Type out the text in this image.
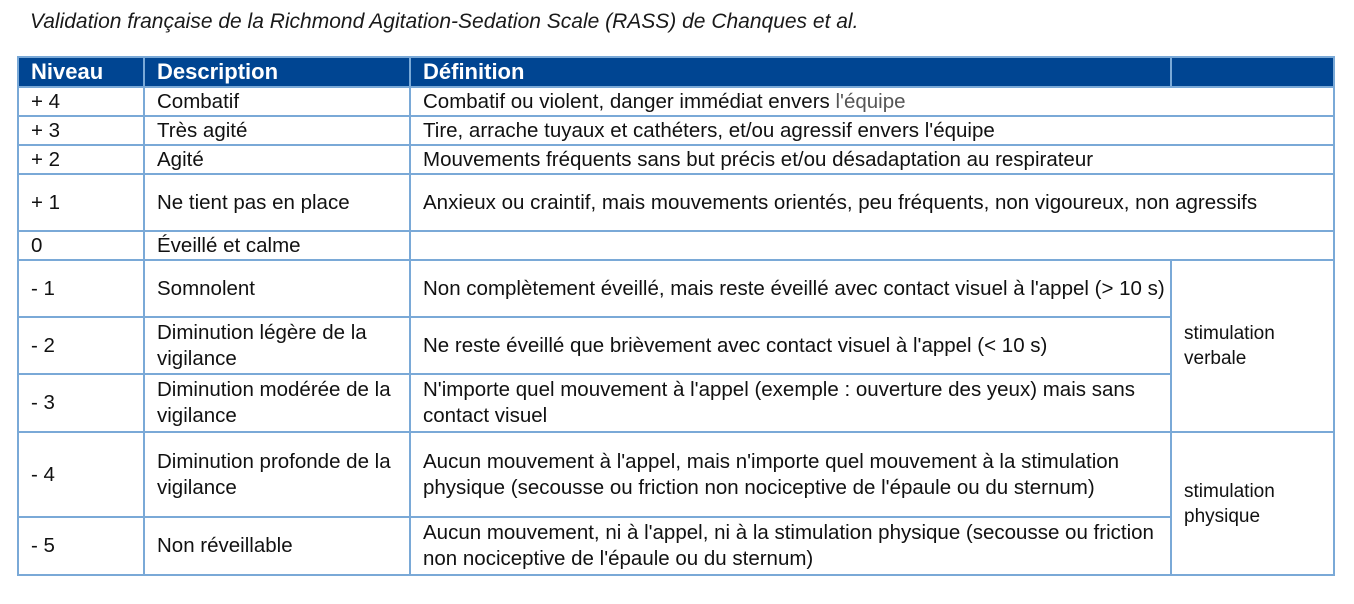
Validation française de la Richmond Agitation-Sedation Scale (RASS) de Chanques et al.
Niveau	Description	Définition	
+ 4	Combatif	Combatif ou violent, danger immédiat envers l'équipe	
+ 3	Très agité	Tire, arrache tuyaux et cathéters, et/ou agressif envers l'équipe	
+ 2	Agité	Mouvements fréquents sans but précis et/ou désadaptation au respirateur	
+ 1	Ne tient pas en place	Anxieux ou craintif, mais mouvements orientés, peu fréquents, non vigoureux, non agressifs	
0	Éveillé et calme		
- 1	Somnolent	Non complètement éveillé, mais reste éveillé avec contact visuel à l'appel (> 10 s)	stimulation verbale
- 2	Diminution légère de la vigilance	Ne reste éveillé que brièvement avec contact visuel à l'appel (< 10 s)	
- 3	Diminution modérée de la vigilance	N'importe quel mouvement à l'appel (exemple : ouverture des yeux) mais sans contact visuel	
- 4	Diminution profonde de la vigilance	Aucun mouvement à l'appel, mais n'importe quel mouvement à la stimulation physique (secousse ou friction non nociceptive de l'épaule ou du sternum)	stimulation physique
- 5	Non réveillable	Aucun mouvement, ni à l'appel, ni à la stimulation physique (secousse ou friction non nociceptive de l'épaule ou du sternum)	
